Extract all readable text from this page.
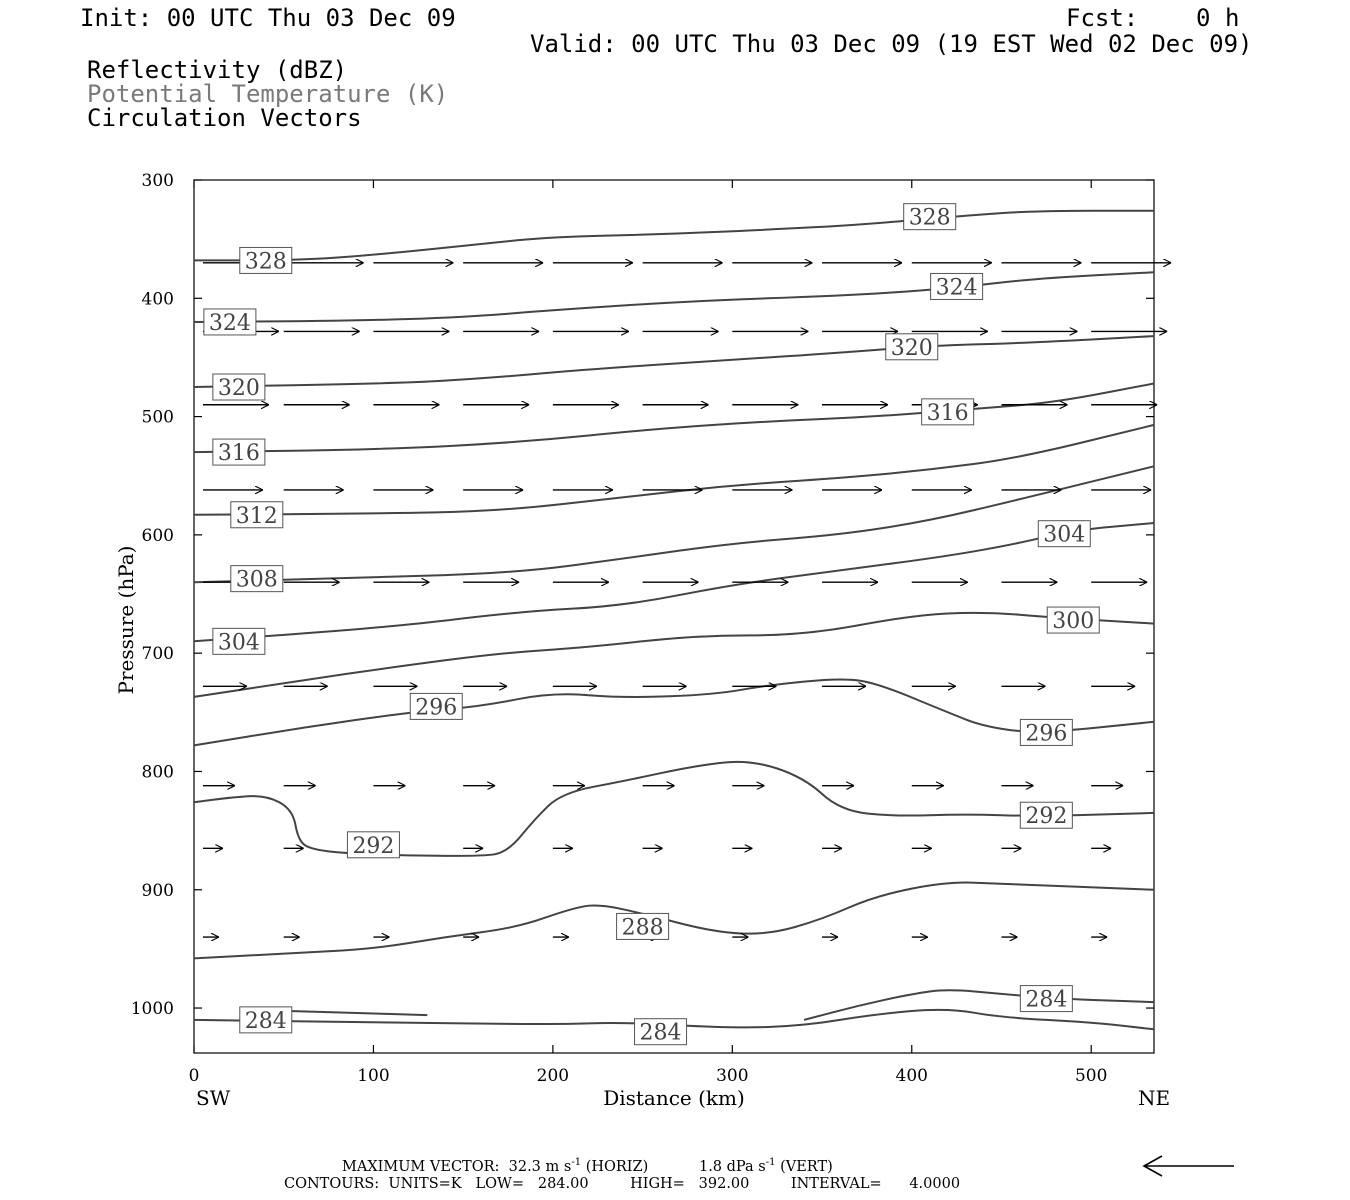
Init: 00 UTC Thu 03 Dec 09	Fcst:    0 h
Valid: 00 UTC Thu 03 Dec 09 (19 EST Wed 02 Dec 09)
Reflectivity (dBZ)
Potential Temperature (K)
Circulation Vectors
300
400
500
600
700
800
900
1000
0	100	200	300	400	500
328
328
324
324
320
320
316
316
312
308
304
304
300
296
296
292
292
288
284	284
284
Pressure (hPa)
Distance (km)
SW	NE
MAXIMUM VECTOR:  32.3 m $s^{-1}$ (HORIZ)	1.8 dPa $s^{-1}$ (VERT)
CONTOURS:  UNITS=K   LOW=   284.00         HIGH=   392.00         INTERVAL=      4.0000
